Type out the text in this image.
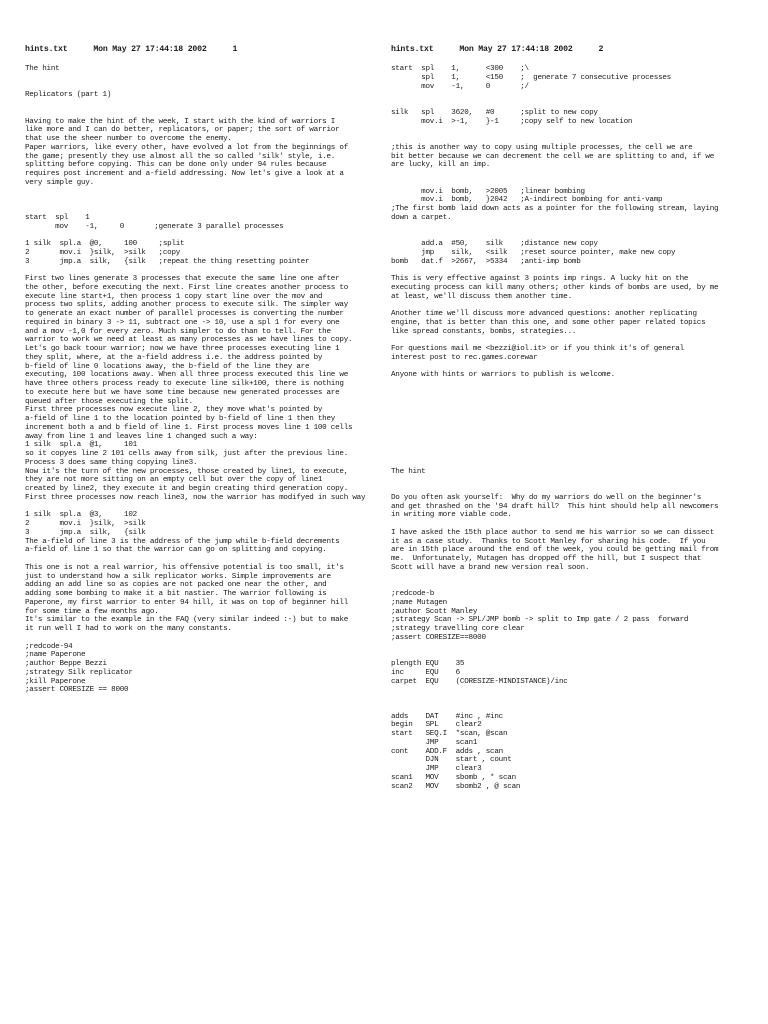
hints.txt	Mon May 27 17:44:18 2002	1
The hint
Replicators (part 1)
Having to make the hint of the week, I start with the kind of warriors I
like more and I can do better, replicators, or paper; the sort of warrior
that use the sheer number to overcome the enemy.
Paper warriors, like every other, have evolved a lot from the beginnings of
the game; presently they use almost all the so called 'silk' style, i.e.
splitting before copying. This can be done only under 94 rules because
requires post increment and a-field addressing. Now let's give a look at a
very simple guy.
start  spl    1
mov    -1,     0       ;generate 3 parallel processes
1 silk  spl.a  @0,     100     ;split
2       mov.i  }silk,  >silk   ;copy
3       jmp.a  silk,   {silk   ;repeat the thing resetting pointer
First two lines generate 3 processes that execute the same line one after
the other, before executing the next. First line creates another process to
execute line start+1, then process 1 copy start line over the mov and
process two splits, adding another process to execute silk. The simpler way
to generate an exact number of parallel processes is converting the number
required in binary 3 -> 11, subtract one -> 10, use a spl 1 for every one
and a mov -1,0 for every zero. Much simpler to do than to tell. For the
warrior to work we need at least as many processes as we have lines to copy.
Let's go back toour warrior; now we have three processes executing line 1
they split, where, at the a-field address i.e. the address pointed by
b-field of line 0 locations away, the b-field of the line they are
executing, 100 locations away. When all three process executed this line we
have three others process ready to execute line silk+100, there is nothing
to execute here but we have some time because new generated processes are
queued after those executing the split.
First three processes now execute line 2, they move what's pointed by
a-field of line 1 to the location pointed by b-field of line 1 then they
increment both a and b field of line 1. First process moves line 1 100 cells
away from line 1 and leaves line 1 changed such a way:
1 silk  spl.a  @1,     101
so it copyes line 2 101 cells away from silk, just after the previous line.
Process 3 does same thing copying line3.
Now it's the turn of the new processes, those created by line1, to execute,
they are not more sitting on an empty cell but over the copy of line1
created by line2, they execute it and begin creating third generation copy.
First three processes now reach line3, now the warrior has modifyed in such way
1 silk  spl.a  @3,     102
2       mov.i  }silk,  >silk
3       jmp.a  silk,   {silk
The a-field of line 3 is the address of the jump while b-field decrements
a-field of line 1 so that the warrior can go on splitting and copying.
This one is not a real warrior, his offensive potential is too small, it's
just to understand how a silk replicator works. Simple improvements are
adding an add line so as copies are not packed one near the other, and
adding some bombing to make it a bit nastier. The warrior following is
Paperone, my first warrior to enter 94 hill, it was on top of beginner hill
for some time a few months ago.
It's similar to the example in the FAQ (very similar indeed :-) but to make
it run well I had to work on the many constants.
;redcode-94
;name Paperone
;author Beppe Bezzi
;strategy Silk replicator
;kill Paperone
;assert CORESIZE == 8000
hints.txt	Mon May 27 17:44:18 2002	2
start  spl    1,      <300    ;\
spl    1,      <150    ;  generate 7 consecutive processes
mov    -1,     0       ;/
silk   spl    3620,   #0      ;split to new copy
mov.i  >-1,    }-1     ;copy self to new location
;this is another way to copy using multiple processes, the cell we are
bit better because we can decrement the cell we are splitting to and, if we
are lucky, kill an imp.
mov.i  bomb,   >2005   ;linear bombing
mov.i  bomb,   }2042   ;A-indirect bombing for anti-vamp
;The first bomb laid down acts as a pointer for the following stream, laying
down a carpet.
add.a  #50,    silk    ;distance new copy
jmp    silk,   <silk   ;reset source pointer, make new copy
bomb   dat.f  >2667,  >5334   ;anti-imp bomb
This is very effective against 3 points imp rings. A lucky hit on the
executing process can kill many others; other kinds of bombs are used, by me
at least, we'll discuss them another time.
Another time we'll discuss more advanced questions: another replicating
engine, that is better than this one, and some other paper related topics
like spread constants, bombs, strategies...
For questions mail me <bezzi@iol.it> or if you think it's of general
interest post to rec.games.corewar
Anyone with hints or warriors to publish is welcome.
The hint
Do you often ask yourself:  Why do my warriors do well on the beginner's
and get thrashed on the '94 draft hill?  This hint should help all newcomers
in writing more viable code.
I have asked the 15th place author to send me his warrior so we can dissect
it as a case study.  Thanks to Scott Manley for sharing his code.  If you
are in 15th place around the end of the week, you could be getting mail from
me.  Unfortunately, Mutagen has dropped off the hill, but I suspect that
Scott will have a brand new version real soon.
;redcode-b
;name Mutagen
;author Scott Manley
;strategy Scan -> SPL/JMP bomb -> split to Imp gate / 2 pass  forward
;strategy travelling core clear
;assert CORESIZE==8000
plength EQU    35
inc     EQU    6
carpet  EQU    (CORESIZE-MINDISTANCE)/inc
adds    DAT    #inc , #inc
begin   SPL    clear2
start   SEQ.I  *scan, @scan
JMP    scan1
cont    ADD.F  adds , scan
DJN    start , count
JMP    clear3
scan1   MOV    sbomb , * scan
scan2   MOV    sbomb2 , @ scan
